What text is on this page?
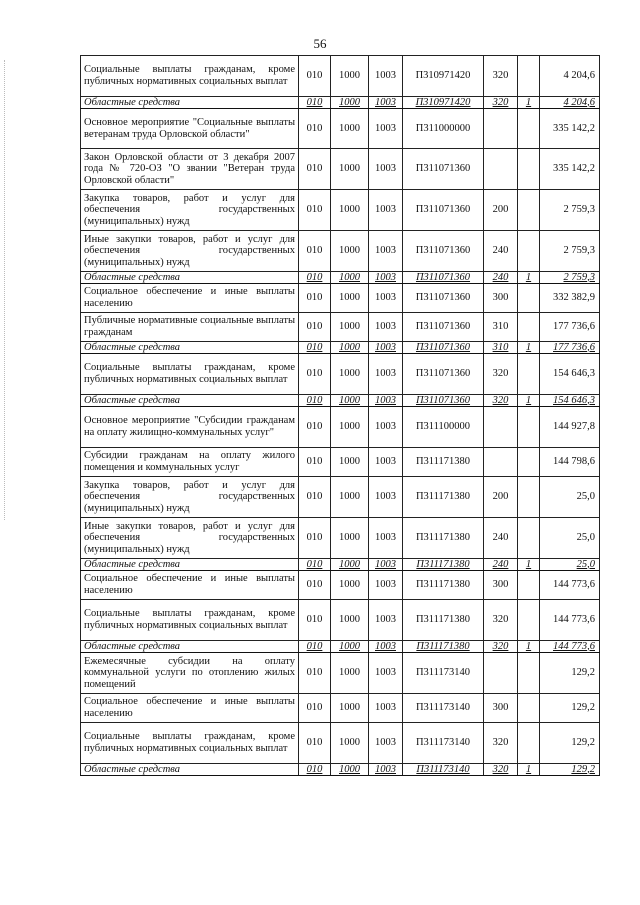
56
Социальные выплаты гражданам, кроме публичных нормативных социальных выплат	010	1000	1003	П310971420	320		4 204,6
Областные средства	010	1000	1003	П310971420	320	1	4 204,6
Основное мероприятие "Социальные выплаты ветеранам труда Орловской области"	010	1000	1003	П311000000			335 142,2
Закон Орловской области от 3 декабря 2007 года № 720-ОЗ "О звании "Ветеран труда Орловской области"	010	1000	1003	П311071360			335 142,2
Закупка товаров, работ и услуг для обеспечения государственных (муниципальных) нужд	010	1000	1003	П311071360	200		2 759,3
Иные закупки товаров, работ и услуг для обеспечения государственных (муниципальных) нужд	010	1000	1003	П311071360	240		2 759,3
Областные средства	010	1000	1003	П311071360	240	1	2 759,3
Социальное обеспечение и иные выплаты населению	010	1000	1003	П311071360	300		332 382,9
Публичные нормативные социальные выплаты гражданам	010	1000	1003	П311071360	310		177 736,6
Областные средства	010	1000	1003	П311071360	310	1	177 736,6
Социальные выплаты гражданам, кроме публичных нормативных социальных выплат	010	1000	1003	П311071360	320		154 646,3
Областные средства	010	1000	1003	П311071360	320	1	154 646,3
Основное мероприятие "Субсидии гражданам на оплату жилищно-коммунальных услуг"	010	1000	1003	П311100000			144 927,8
Субсидии гражданам на оплату жилого помещения и коммунальных услуг	010	1000	1003	П311171380			144 798,6
Закупка товаров, работ и услуг для обеспечения государственных (муниципальных) нужд	010	1000	1003	П311171380	200		25,0
Иные закупки товаров, работ и услуг для обеспечения государственных (муниципальных) нужд	010	1000	1003	П311171380	240		25,0
Областные средства	010	1000	1003	П311171380	240	1	25,0
Социальное обеспечение и иные выплаты населению	010	1000	1003	П311171380	300		144 773,6
Социальные выплаты гражданам, кроме публичных нормативных социальных выплат	010	1000	1003	П311171380	320		144 773,6
Областные средства	010	1000	1003	П311171380	320	1	144 773,6
Ежемесячные субсидии на оплату коммунальной услуги по отоплению жилых помещений	010	1000	1003	П311173140			129,2
Социальное обеспечение и иные выплаты населению	010	1000	1003	П311173140	300		129,2
Социальные выплаты гражданам, кроме публичных нормативных социальных выплат	010	1000	1003	П311173140	320		129,2
Областные средства	010	1000	1003	П311173140	320	1	129,2
